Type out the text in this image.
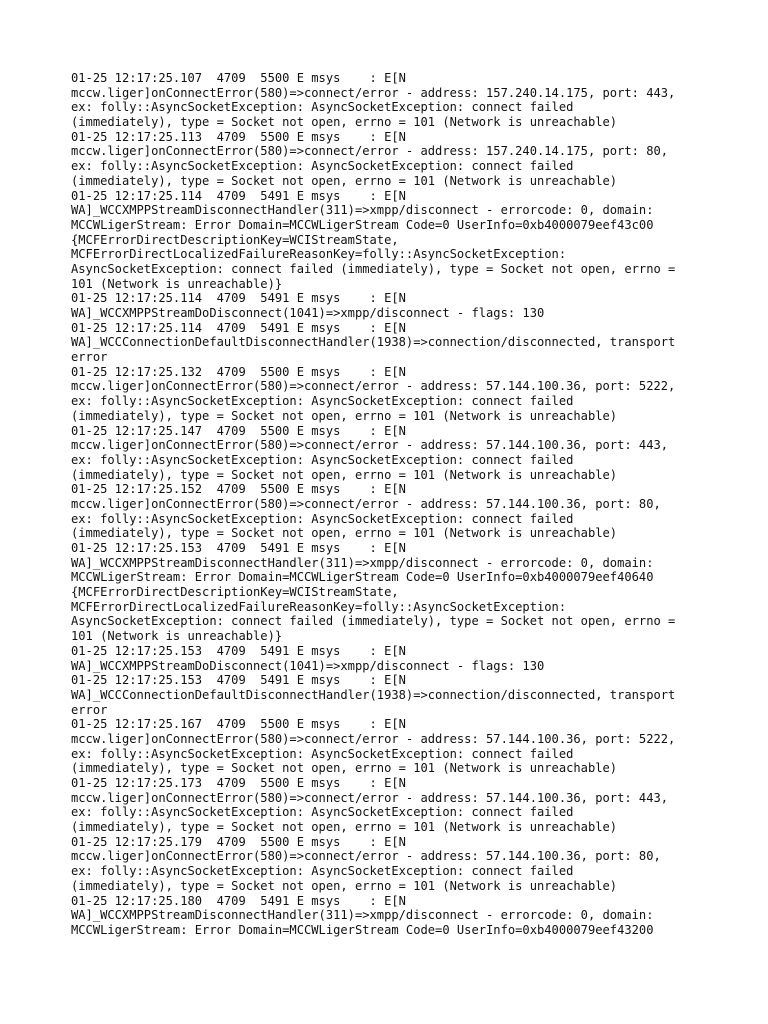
01-25 12:17:25.107  4709  5500 E msys    : E[N
mccw.liger]onConnectError(580)=>connect/error - address: 157.240.14.175, port: 443,
ex: folly::AsyncSocketException: AsyncSocketException: connect failed
(immediately), type = Socket not open, errno = 101 (Network is unreachable)
01-25 12:17:25.113  4709  5500 E msys    : E[N
mccw.liger]onConnectError(580)=>connect/error - address: 157.240.14.175, port: 80,
ex: folly::AsyncSocketException: AsyncSocketException: connect failed
(immediately), type = Socket not open, errno = 101 (Network is unreachable)
01-25 12:17:25.114  4709  5491 E msys    : E[N
WA]_WCCXMPPStreamDisconnectHandler(311)=>xmpp/disconnect - errorcode: 0, domain:
MCCWLigerStream: Error Domain=MCCWLigerStream Code=0 UserInfo=0xb4000079eef43c00
{MCFErrorDirectDescriptionKey=WCIStreamState,
MCFErrorDirectLocalizedFailureReasonKey=folly::AsyncSocketException:
AsyncSocketException: connect failed (immediately), type = Socket not open, errno =
101 (Network is unreachable)}
01-25 12:17:25.114  4709  5491 E msys    : E[N
WA]_WCCXMPPStreamDoDisconnect(1041)=>xmpp/disconnect - flags: 130
01-25 12:17:25.114  4709  5491 E msys    : E[N
WA]_WCCConnectionDefaultDisconnectHandler(1938)=>connection/disconnected, transport
error
01-25 12:17:25.132  4709  5500 E msys    : E[N
mccw.liger]onConnectError(580)=>connect/error - address: 57.144.100.36, port: 5222,
ex: folly::AsyncSocketException: AsyncSocketException: connect failed
(immediately), type = Socket not open, errno = 101 (Network is unreachable)
01-25 12:17:25.147  4709  5500 E msys    : E[N
mccw.liger]onConnectError(580)=>connect/error - address: 57.144.100.36, port: 443,
ex: folly::AsyncSocketException: AsyncSocketException: connect failed
(immediately), type = Socket not open, errno = 101 (Network is unreachable)
01-25 12:17:25.152  4709  5500 E msys    : E[N
mccw.liger]onConnectError(580)=>connect/error - address: 57.144.100.36, port: 80,
ex: folly::AsyncSocketException: AsyncSocketException: connect failed
(immediately), type = Socket not open, errno = 101 (Network is unreachable)
01-25 12:17:25.153  4709  5491 E msys    : E[N
WA]_WCCXMPPStreamDisconnectHandler(311)=>xmpp/disconnect - errorcode: 0, domain:
MCCWLigerStream: Error Domain=MCCWLigerStream Code=0 UserInfo=0xb4000079eef40640
{MCFErrorDirectDescriptionKey=WCIStreamState,
MCFErrorDirectLocalizedFailureReasonKey=folly::AsyncSocketException:
AsyncSocketException: connect failed (immediately), type = Socket not open, errno =
101 (Network is unreachable)}
01-25 12:17:25.153  4709  5491 E msys    : E[N
WA]_WCCXMPPStreamDoDisconnect(1041)=>xmpp/disconnect - flags: 130
01-25 12:17:25.153  4709  5491 E msys    : E[N
WA]_WCCConnectionDefaultDisconnectHandler(1938)=>connection/disconnected, transport
error
01-25 12:17:25.167  4709  5500 E msys    : E[N
mccw.liger]onConnectError(580)=>connect/error - address: 57.144.100.36, port: 5222,
ex: folly::AsyncSocketException: AsyncSocketException: connect failed
(immediately), type = Socket not open, errno = 101 (Network is unreachable)
01-25 12:17:25.173  4709  5500 E msys    : E[N
mccw.liger]onConnectError(580)=>connect/error - address: 57.144.100.36, port: 443,
ex: folly::AsyncSocketException: AsyncSocketException: connect failed
(immediately), type = Socket not open, errno = 101 (Network is unreachable)
01-25 12:17:25.179  4709  5500 E msys    : E[N
mccw.liger]onConnectError(580)=>connect/error - address: 57.144.100.36, port: 80,
ex: folly::AsyncSocketException: AsyncSocketException: connect failed
(immediately), type = Socket not open, errno = 101 (Network is unreachable)
01-25 12:17:25.180  4709  5491 E msys    : E[N
WA]_WCCXMPPStreamDisconnectHandler(311)=>xmpp/disconnect - errorcode: 0, domain:
MCCWLigerStream: Error Domain=MCCWLigerStream Code=0 UserInfo=0xb4000079eef43200
